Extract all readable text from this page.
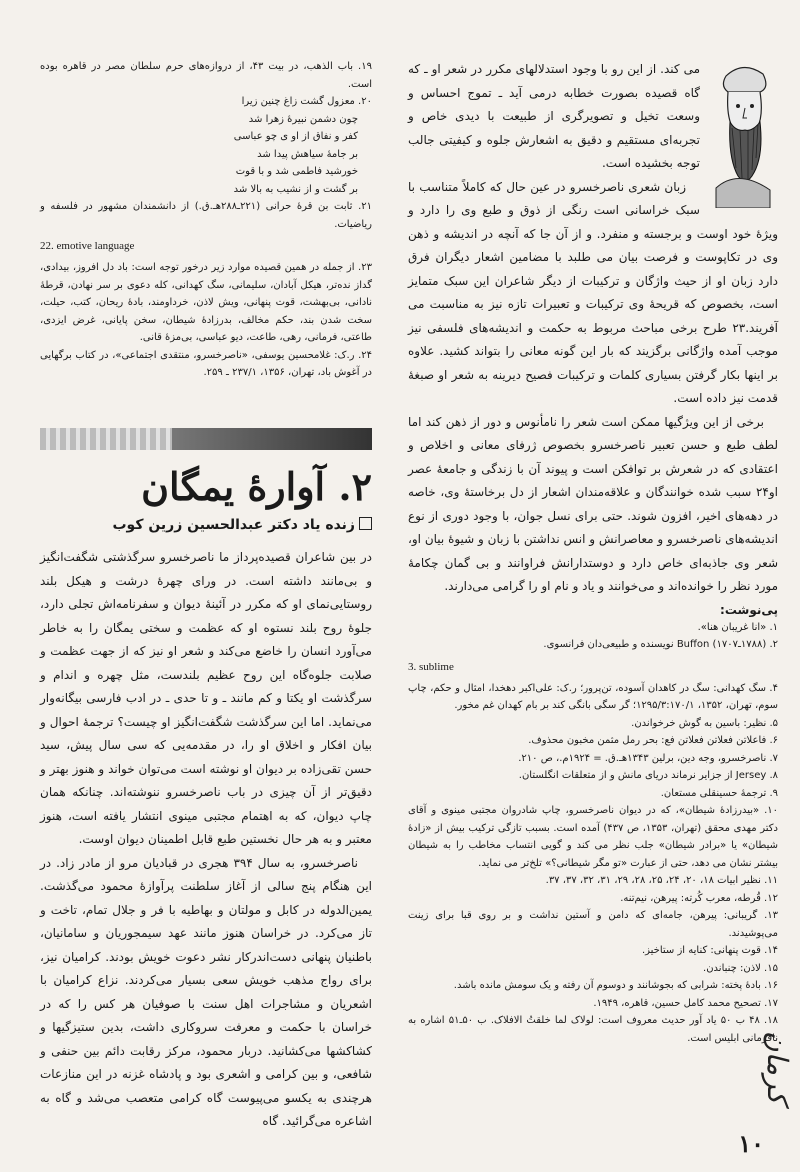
می کند. از این رو با وجود استدلالهای مکرر در شعر او ـ که گاه قصیده بصورت خطابه درمی آید ـ تموج احساس و وسعت تخیل و تصویرگری از طبیعت با دیدی خاص و تجربه‌ای مستقیم و دقیق به اشعارش جلوه و کیفیتی جالب توجه بخشیده است.

زبان شعری ناصرخسرو در عین حال که کاملاً متناسب با سبک خراسانی است رنگی از ذوق و طبع وی را دارد و ویژهٔ خود اوست و برجسته و منفرد. و از آن جا که آنچه در اندیشه و ذهن وی در تکاپوست و فرصت بیان می طلبد با مضامین اشعار دیگران فرق دارد زبان او از حیث واژگان و ترکیبات از دیگر شاعران این سبک متمایز است، بخصوص که قریحهٔ وی ترکیبات و تعبیرات تازه نیز به مناسبت می آفریند.۲۳ طرح برخی مباحث مربوط به حکمت و اندیشه‌های فلسفی نیز موجب آمده واژگانی برگزیند که بار این گونه معانی را بتواند کشید. علاوه بر اینها بکار گرفتن بسیاری کلمات و ترکیبات فصیح دیرینه به شعر او صبغهٔ قدمت نیز داده است.

برخی از این ویژگیها ممکن است شعر را نامأنوس و دور از ذهن کند اما لطف طبع و حسن تعبیر ناصرخسرو بخصوص ژرفای معانی و اخلاص و اعتقادی که در شعرش بر توافکن است و پیوند آن با زندگی و جامعهٔ عصر او۲۴ سبب شده خوانندگان و علاقه‌مندان اشعار از دل برخاستهٔ وی، خاصه در دهه‌های اخیر، افزون شوند. حتی برای نسل جوان، با وجود دوری از نوع اندیشه‌های ناصرخسرو و معاصرانش و انس نداشتن با زبان و شیوهٔ بیان او، شعر وی جاذبه‌ای خاص دارد و دوستدارانش فراوانند و بی گمان چکامهٔ مورد نظر را خوانده‌اند و می‌خوانند و یاد و نام او را گرامی می‌دارند.

پی‌نوشت:
۱. «انا غریبان هنا».
۲. (۱۷۸۸ـ۱۷۰۷) Buffon نویسنده و طبیعی‌دان فرانسوی.
3. sublime
۴. سگ کهدانی: سگ در کاهدان آسوده، تن‌پرور؛ ر.ک: علی‌اکبر دهخدا، امثال و حکم، چاپ سوم، تهران، ۱۳۵۲، ۱۲۹۵/۳:۱۷۰/۱؛ گر سگی بانگی کند بر بام کهدان غم مخور.
۵. نظیر: باسین به گوش خرخواندن.
۶. فاعلاتن فعلاتن فعلاتن فع: بحر رمل مثمن مخبون محذوف.
۷. ناصرخسرو، وجه دین، برلین ۱۳۴۳هـ.ق. = ۱۹۲۴م.، ص ۲۱۰.
۸. Jersey از جزایر نرماند دریای مانش و از متعلقات انگلستان.
۹. ترجمهٔ حسینقلی مستعان.
۱۰. «بیدرزادهٔ شیطان»، که در دیوان ناصرخسرو، چاپ شادروان مجتبی مینوی و آقای دکتر مهدی محقق (تهران، ۱۳۵۳، ص ۴۳۷) آمده است. بسبب تازگی ترکیب بیش از «زادهٔ شیطان» یا «برادر شیطان» جلب نظر می کند و گویی انتساب مخاطب را به شیطان بیشتر نشان می دهد، حتی از عبارت «تو مگر شیطانی؟» تلخ‌تر می نماید.
۱۱. نظیر ابیات ۱۸، ۲۰، ۲۴، ۲۵، ۲۸، ۲۹، ۳۱، ۳۲، ۳۷، ۳۷.
۱۲. قُرطه، معرب کُرته: پیرهن، نیم‌تنه.
۱۳. گریبانی: پیرهن، جامه‌ای که دامن و آستین نداشت و بر روی قبا برای زینت می‌پوشیدند.
۱۴. قوت پنهانی: کنایه از ستاخیز.
۱۵. لاذن: چنباندن.
۱۶. بادهٔ پخته: شرابی که بجوشانند و دوسوم آن رفته و یک سومش مانده باشد.
۱۷. تصحیح محمد کامل حسین، قاهره، ۱۹۴۹.
۱۸. ۴۸ ب ۵۰ یاد آور حدیث معروف است: لولاک لما خلقتُ الافلاک. ب ۵۰ـ۵۱ اشاره به نافرمانی ابلیس است.
۱۹. باب الذهب، در بیت ۴۳، از دروازه‌های حرم سلطان مصر در قاهره بوده است.
۲۰. معزول گشت زاغ چنین زیرا
چون دشمن نبیرهٔ زهرا شد
کفر و نفاق از او ی چو عباسی
بر جامهٔ سیاهش پیدا شد
خورشید فاطمی شد و با قوت
بر گشت و از نشیب به بالا شد
۲۱. ثابت بن قرهٔ حرانی (۲۲۱ـ۲۸۸هـ.ق.) از دانشمندان مشهور در فلسفه و ریاضیات.
22. emotive language
۲۳. از جمله در همین قصیده موارد زیر درخور توجه است: باد دل افروز، بیدادی، گداز نده‌تر، هیکل آبادان، سلیمانی، سگ کهدانی، کله دعوی بر سر نهادن، قرطهٔ نادانی، بی‌بهشت، قوت پنهانی، ویش لاذن، خرداومند، بادهٔ ریحان، کتب، حیلت، سخت شدن بند، حکم مخالف، بدرزادهٔ شیطان، سخن پایانی، غرض ایزدی، طاعتی، فرمانی، رهی، طاعت، دیو عباسی، بی‌مزهٔ قانی.
۲۴. ر.ک: غلامحسین یوسفی، «ناصرخسرو، منتقدی اجتماعی»، در کتاب برگهایی در آغوش باد، تهران، ۱۳۵۶، ۲۳۷/۱ ـ ۲۵۹.
۲. آوارهٔ یمگان
زنده یاد دکتر عبدالحسین زرین کوب

در بین شاعران قصیده‌پرداز ما ناصرخسرو سرگذشتی شگفت‌انگیز و بی‌مانند داشته است. در ورای چهرهٔ درشت و هیکل بلند روستایی‌نمای او که مکرر در آئینهٔ دیوان و سفرنامه‌اش تجلی دارد، جلوهٔ روح بلند نستوه او که عظمت و سختی یمگان را به خاطر می‌آورد انسان را خاضع می‌کند و شعر او نیز که از جهت عظمت و صلابت جلوه‌گاه این روح عظیم بلندست، مثل چهره و اندام و سرگذشت او یکتا و کم مانند ـ و تا حدی ـ در ادب فارسی بیگانه‌وار می‌نماید. اما این سرگذشت شگفت‌انگیز او چیست؟ ترجمهٔ احوال و بیان افکار و اخلاق او را، در مقدمه‌یی که سی سال پیش، سید حسن تقی‌زاده بر دیوان او نوشته است می‌توان خواند و هنوز بهتر و دقیق‌تر از آن چیزی در باب ناصرخسرو ننوشته‌اند. چنانکه همان چاپ دیوان، که به اهتمام مجتبی مینوی انتشار یافته است، هنوز معتبر و به هر حال نخستین طبع قابل اطمینان دیوان اوست.

ناصرخسرو، به سال ۳۹۴ هجری در قبادیان مرو از مادر زاد. در این هنگام پنج سالی از آغاز سلطنت پرآوازهٔ محمود می‌گذشت. یمین‌الدوله در کابل و مولتان و بهاطیه با فر و جلال تمام، تاخت و تاز می‌کرد. در خراسان هنوز مانند عهد سیمجوریان و سامانیان، باطنیان پنهانی دست‌اندرکار نشر دعوت خویش بودند. کرامیان نیز، برای رواج مذهب خویش سعی بسیار می‌کردند. نزاع کرامیان با اشعریان و مشاجرات اهل سنت با صوفیان هر کس را که در خراسان با حکمت و معرفت سروکاری داشت، بدین ستیزگیها و کشاکشها می‌کشانید. دربار محمود، مرکز رقابت دائم بین حنفی و شافعی، و بین کرامی و اشعری بود و پادشاه غزنه در این منازعات هرچندی به یکسو می‌پیوست گاه کرامی متعصب می‌شد و گاه به اشاعره می‌گرائید. گاه

کرمان
۱۰
